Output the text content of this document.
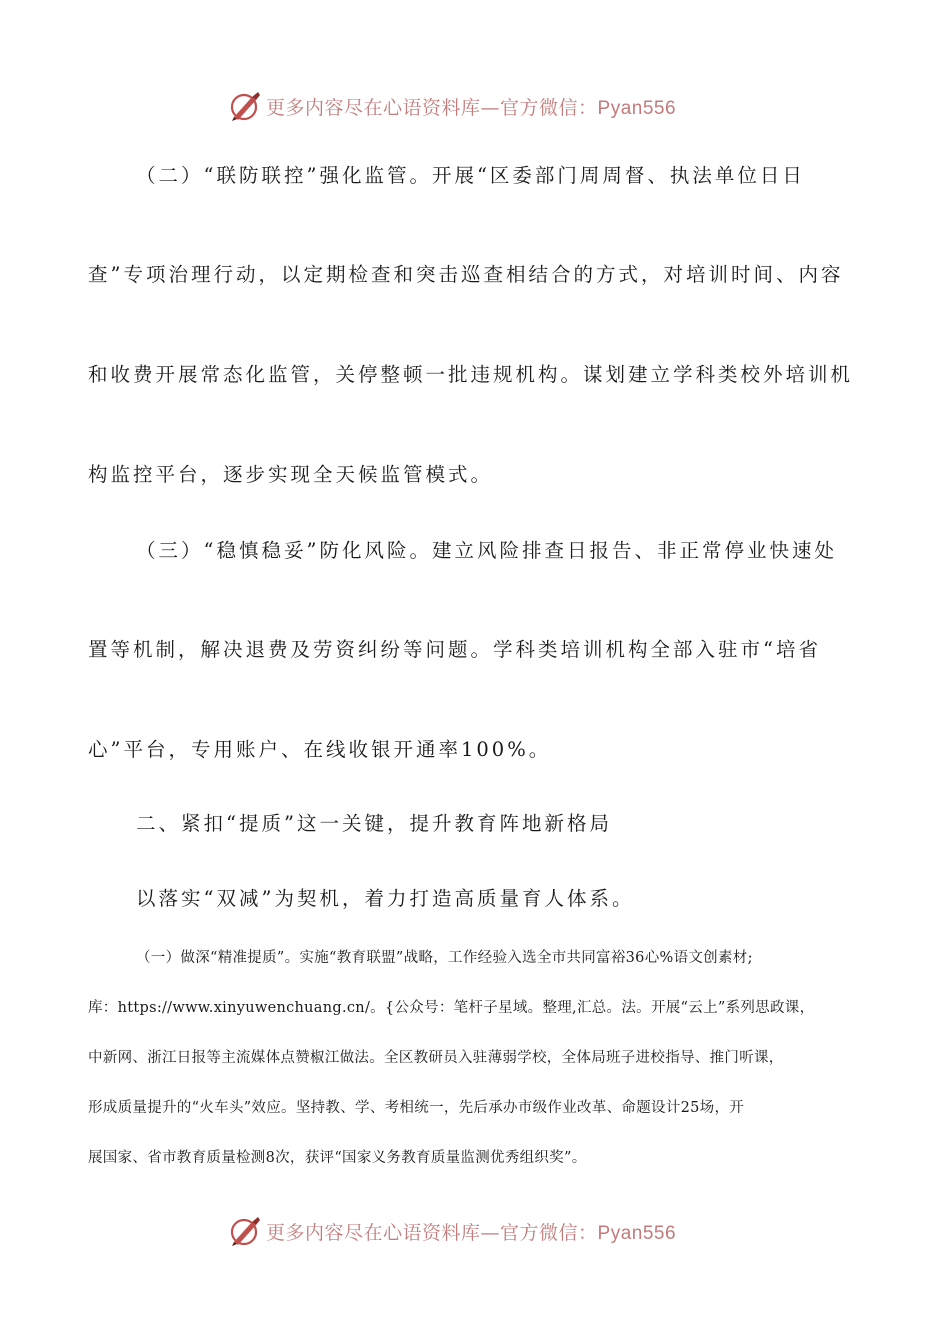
更多内容尽在心语资料库—官方微信：Pyan556

（二）“联防联控”强化监管。开展“区委部门周周督、执法单位日日

查”专项治理行动，以定期检查和突击巡查相结合的方式，对培训时间、内容

和收费开展常态化监管，关停整顿一批违规机构。谋划建立学科类校外培训机

构监控平台，逐步实现全天候监管模式。

（三）“稳慎稳妥”防化风险。建立风险排查日报告、非正常停业快速处

置等机制，解决退费及劳资纠纷等问题。学科类培训机构全部入驻市“培省

心”平台，专用账户、在线收银开通率100%。

二、紧扣“提质”这一关键，提升教育阵地新格局

以落实“双减”为契机，着力打造高质量育人体系。

（一）做深“精准提质”。实施“教育联盟”战略，工作经验入选全市共同富裕36心%语文创素材;

库：https://www.xinyuwenchuang.cn/。{公众号：笔杆子星域。整理,汇总。法。开展“云上”系列思政课，

中新网、浙江日报等主流媒体点赞椒江做法。全区教研员入驻薄弱学校，全体局班子进校指导、推门听课，

形成质量提升的“火车头”效应。坚持教、学、考相统一，先后承办市级作业改革、命题设计25场，开

展国家、省市教育质量检测8次，获评“国家义务教育质量监测优秀组织奖”。

更多内容尽在心语资料库—官方微信：Pyan556
